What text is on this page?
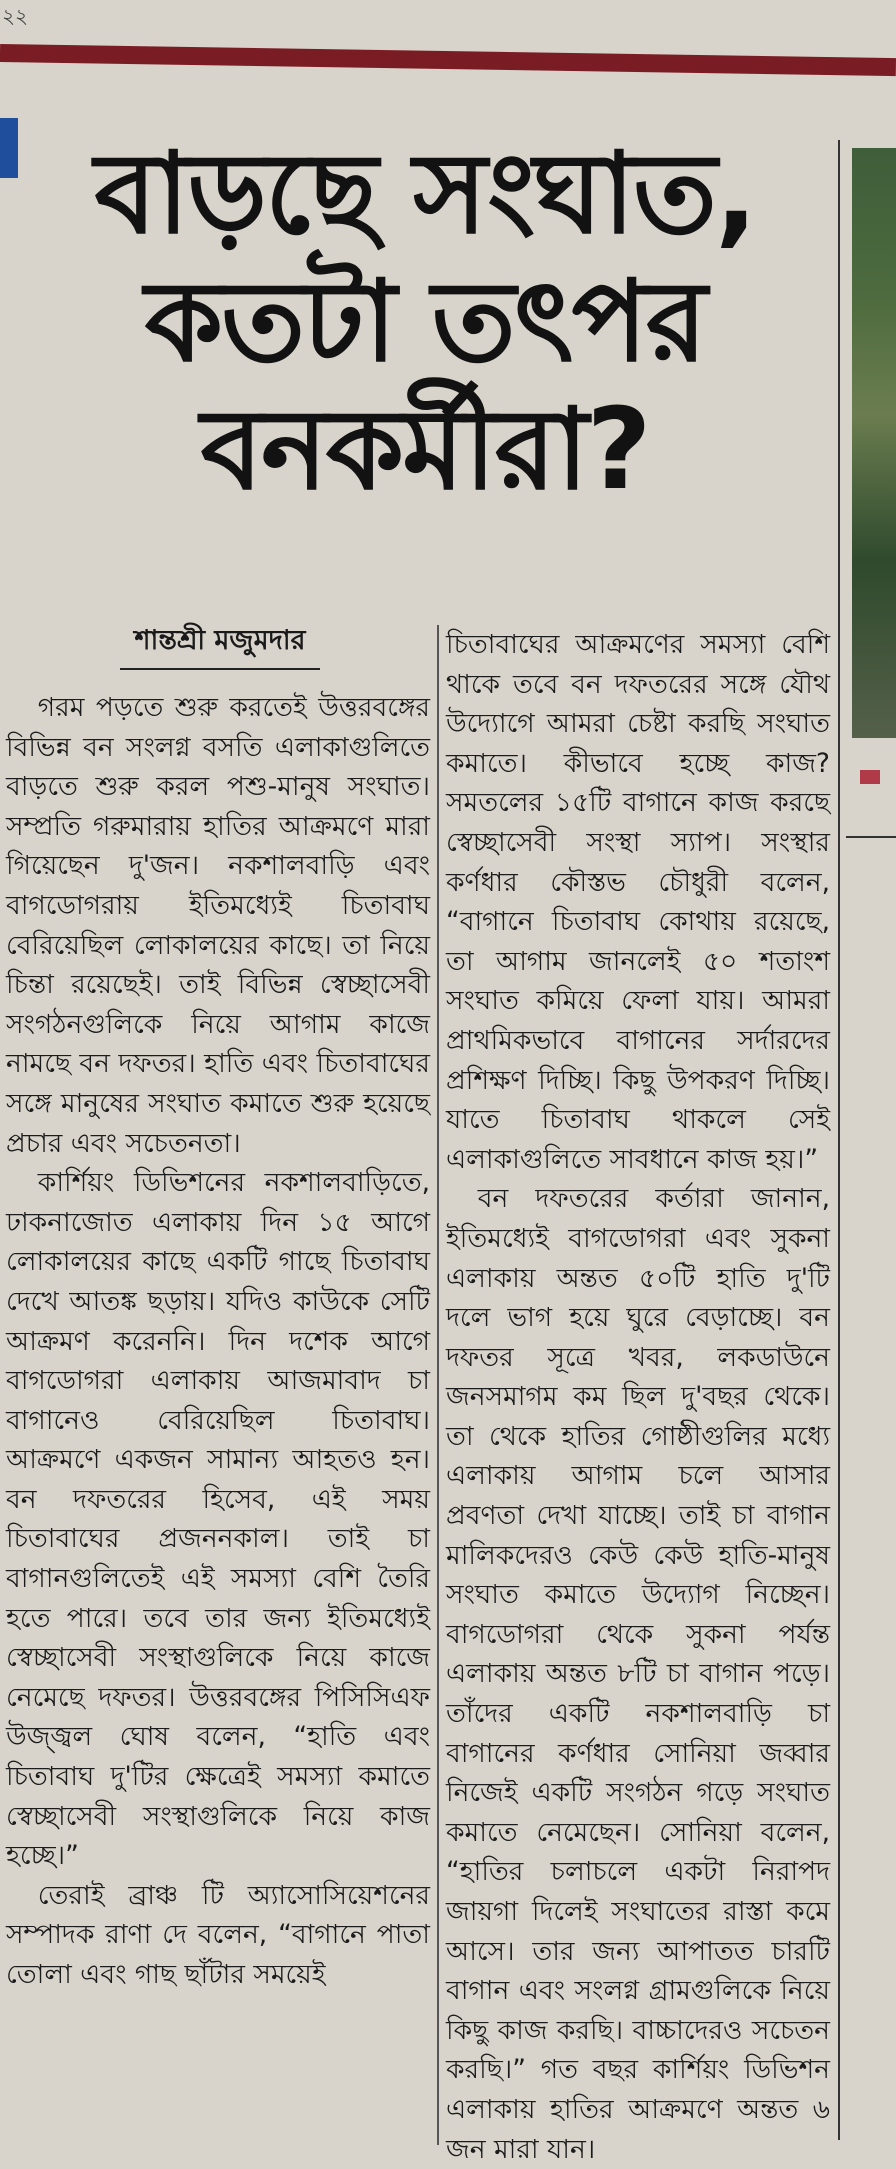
২২
বাড়ছে সংঘাত,
কতটা তৎপর
বনকর্মীরা?
শান্তশ্রী মজুমদার

গরম পড়তে শুরু করতেই উত্তরবঙ্গের বিভিন্ন বন সংলগ্ন বসতি এলাকাগুলিতে বাড়তে শুরু করল পশু-মানুষ সংঘাত। সম্প্রতি গরুমারায় হাতির আক্রমণে মারা গিয়েছেন দু'জন। নকশালবাড়ি এবং বাগডোগরায় ইতিমধ্যেই চিতাবাঘ বেরিয়েছিল লোকালয়ের কাছে। তা নিয়ে চিন্তা রয়েছেই। তাই বিভিন্ন স্বেচ্ছাসেবী সংগঠনগুলিকে নিয়ে আগাম কাজে নামছে বন দফতর। হাতি এবং চিতাবাঘের সঙ্গে মানুষের সংঘাত কমাতে শুরু হয়েছে প্রচার এবং সচেতনতা।

কার্শিয়ং ডিভিশনের নকশালবাড়িতে, ঢাকনাজোত এলাকায় দিন ১৫ আগে লোকালয়ের কাছে একটি গাছে চিতাবাঘ দেখে আতঙ্ক ছড়ায়। যদিও কাউকে সেটি আক্রমণ করেননি। দিন দশেক আগে বাগডোগরা এলাকায় আজমাবাদ চা বাগানেও বেরিয়েছিল চিতাবাঘ। আক্রমণে একজন সামান্য আহতও হন। বন দফতরের হিসেব, এই সময় চিতাবাঘের প্রজননকাল। তাই চা বাগানগুলিতেই এই সমস্যা বেশি তৈরি হতে পারে। তবে তার জন্য ইতিমধ্যেই স্বেচ্ছাসেবী সংস্থাগুলিকে নিয়ে কাজে নেমেছে দফতর। উত্তরবঙ্গের পিসিসিএফ উজ্জ্বল ঘোষ বলেন, “হাতি এবং চিতাবাঘ দু'টির ক্ষেত্রেই সমস্যা কমাতে স্বেচ্ছাসেবী সংস্থাগুলিকে নিয়ে কাজ হচ্ছে।”

তেরাই ব্রাঞ্চ টি অ্যাসোসিয়েশনের সম্পাদক রাণা দে বলেন, “বাগানে পাতা তোলা এবং গাছ ছাঁটার সময়েই

চিতাবাঘের আক্রমণের সমস্যা বেশি থাকে তবে বন দফতরের সঙ্গে যৌথ উদ্যোগে আমরা চেষ্টা করছি সংঘাত কমাতে। কীভাবে হচ্ছে কাজ? সমতলের ১৫টি বাগানে কাজ করছে স্বেচ্ছাসেবী সংস্থা স্যাপ। সংস্থার কর্ণধার কৌস্তভ চৌধুরী বলেন, “বাগানে চিতাবাঘ কোথায় রয়েছে, তা আগাম জানলেই ৫০ শতাংশ সংঘাত কমিয়ে ফেলা যায়। আমরা প্রাথমিকভাবে বাগানের সর্দারদের প্রশিক্ষণ দিচ্ছি। কিছু উপকরণ দিচ্ছি। যাতে চিতাবাঘ থাকলে সেই এলাকাগুলিতে সাবধানে কাজ হয়।”

বন দফতরের কর্তারা জানান, ইতিমধ্যেই বাগডোগরা এবং সুকনা এলাকায় অন্তত ৫০টি হাতি দু'টি দলে ভাগ হয়ে ঘুরে বেড়াচ্ছে। বন দফতর সূত্রে খবর, লকডাউনে জনসমাগম কম ছিল দু'বছর থেকে। তা থেকে হাতির গোষ্ঠীগুলির মধ্যে এলাকায় আগাম চলে আসার প্রবণতা দেখা যাচ্ছে। তাই চা বাগান মালিকদেরও কেউ কেউ হাতি-মানুষ সংঘাত কমাতে উদ্যোগ নিচ্ছেন। বাগডোগরা থেকে সুকনা পর্যন্ত এলাকায় অন্তত ৮টি চা বাগান পড়ে। তাঁদের একটি নকশালবাড়ি চা বাগানের কর্ণধার সোনিয়া জব্বার নিজেই একটি সংগঠন গড়ে সংঘাত কমাতে নেমেছেন। সোনিয়া বলেন, “হাতির চলাচলে একটা নিরাপদ জায়গা দিলেই সংঘাতের রাস্তা কমে আসে। তার জন্য আপাতত চারটি বাগান এবং সংলগ্ন গ্রামগুলিকে নিয়ে কিছু কাজ করছি। বাচ্চাদেরও সচেতন করছি।” গত বছর কার্শিয়ং ডিভিশন এলাকায় হাতির আক্রমণে অন্তত ৬ জন মারা যান।
